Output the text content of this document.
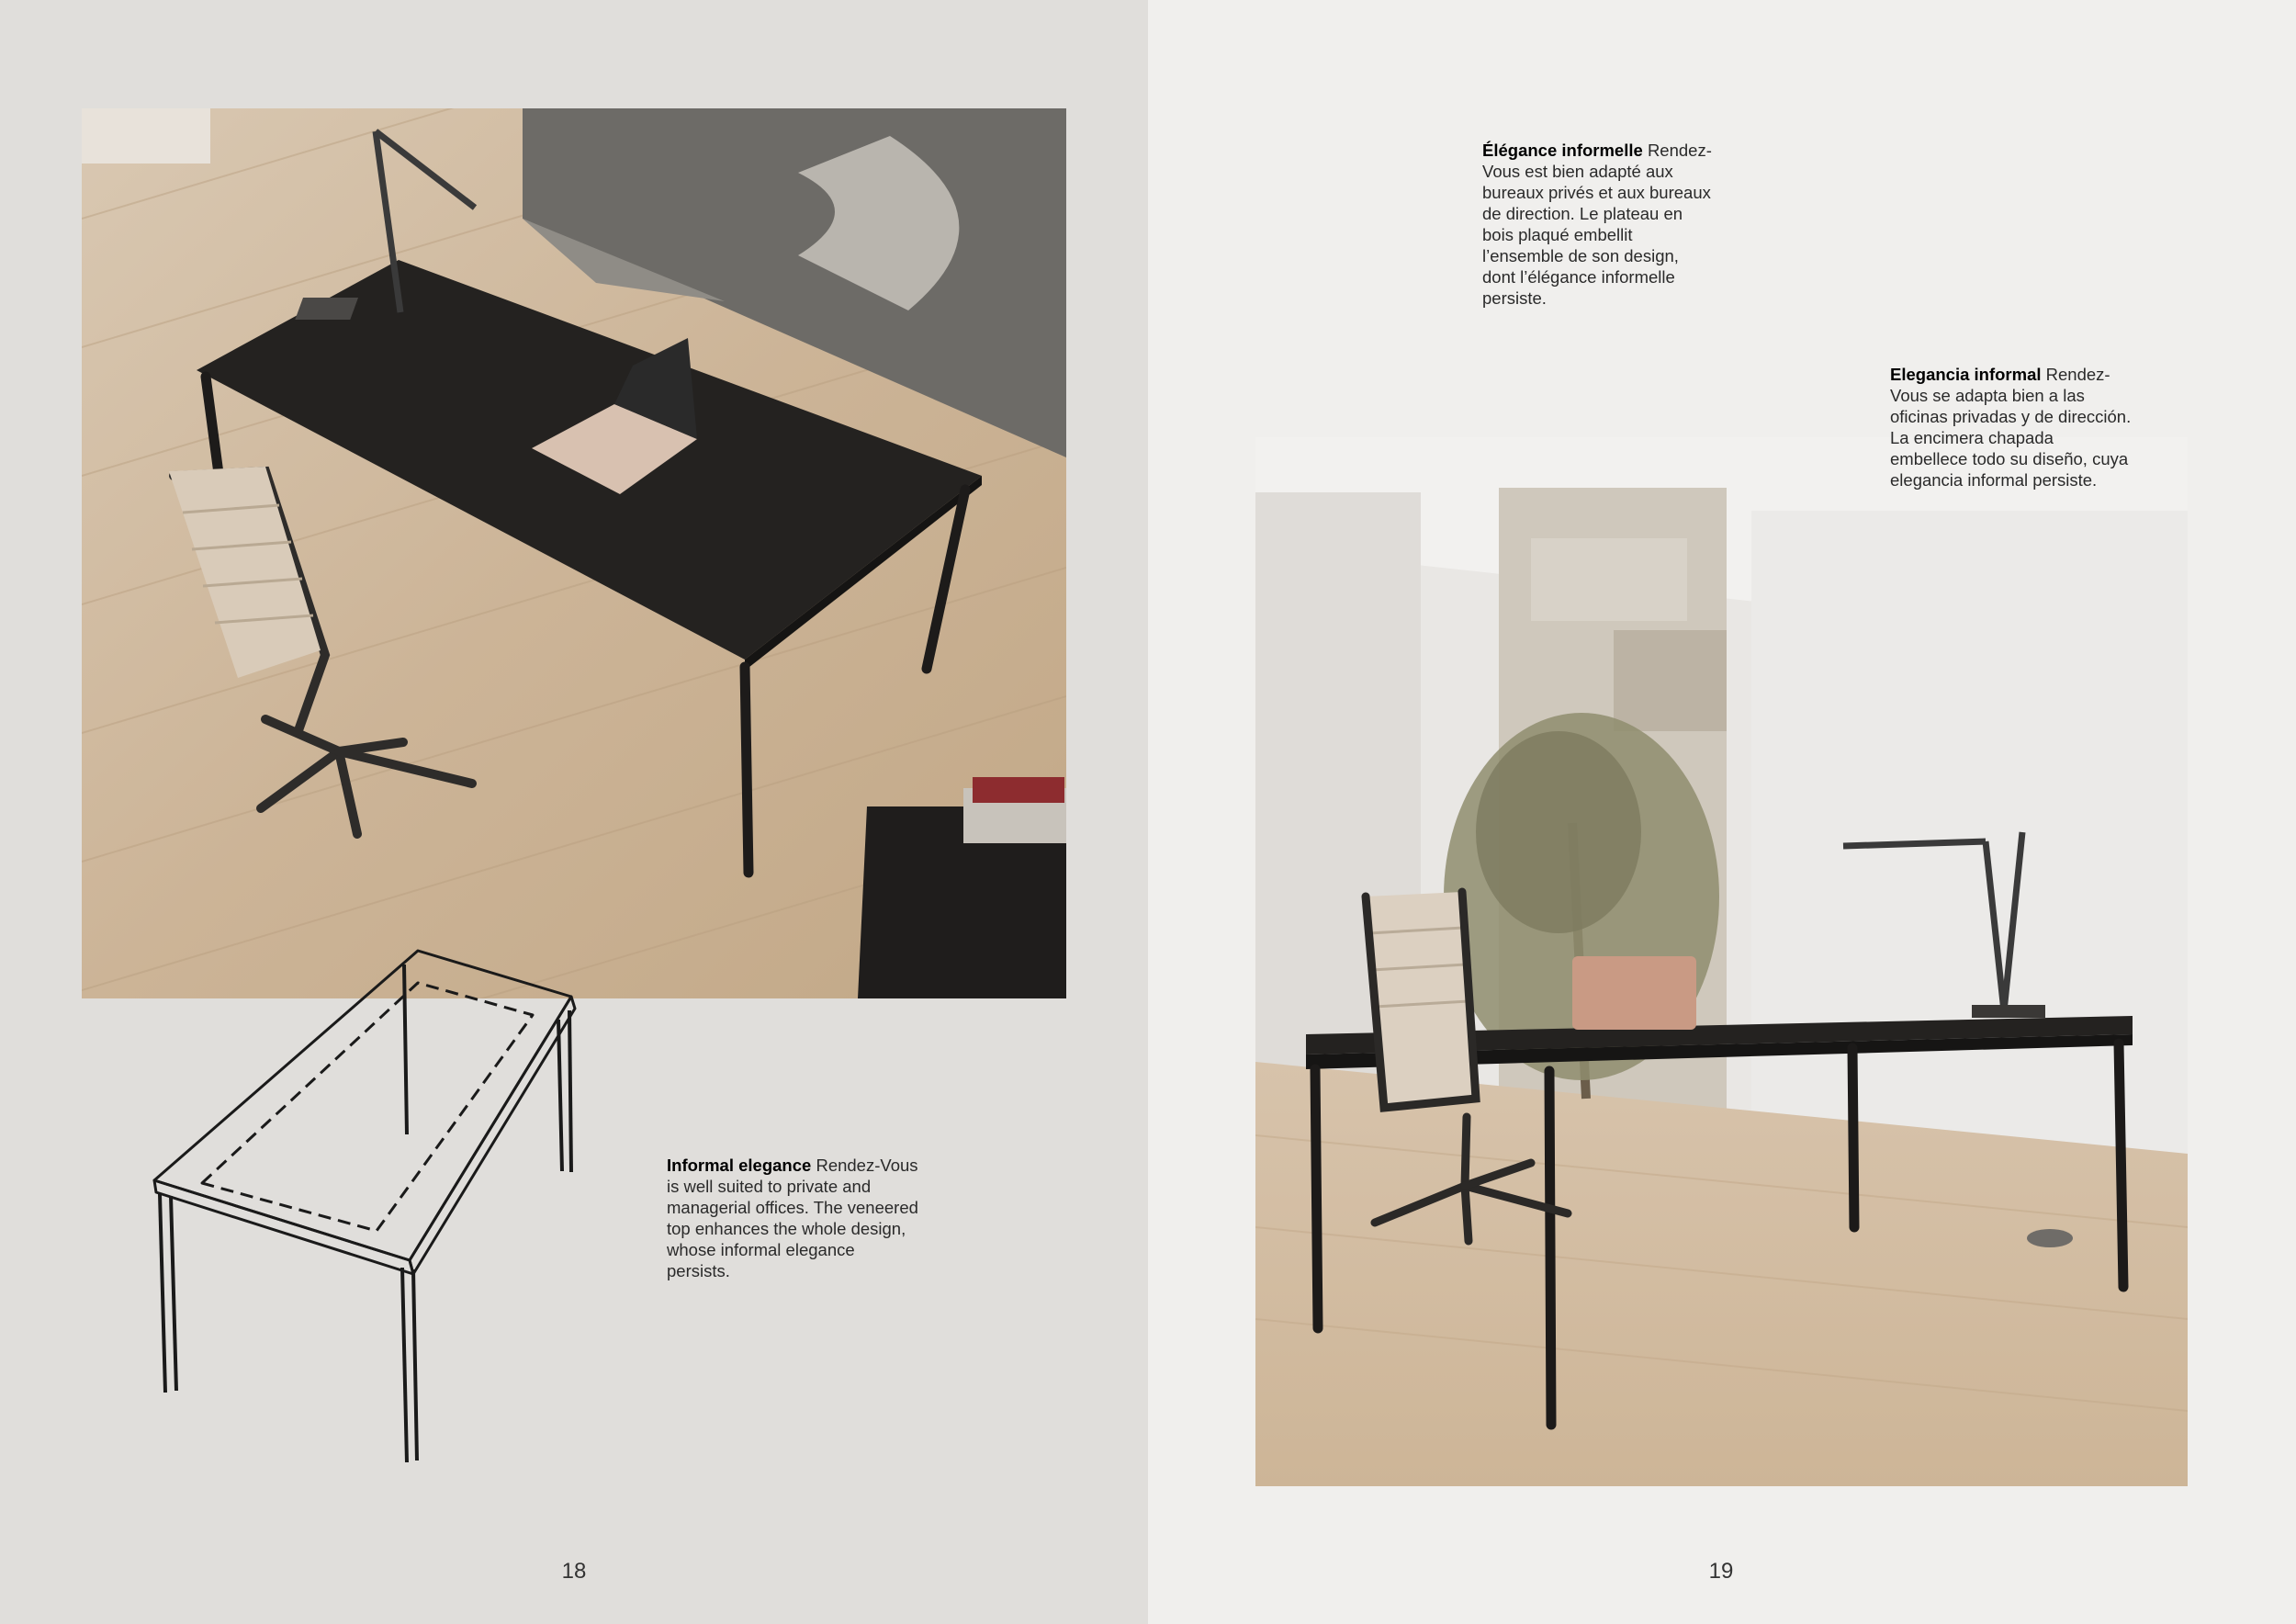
Informal elegance Rendez-Vous is well suited to private and managerial offices. The veneered top enhances the whole design, whose informal elegance persists.
18
Élégance informelle Rendez-Vous est bien adapté aux bureaux privés et aux bureaux de direction. Le plateau en bois plaqué embellit l’ensemble de son design, dont l’élégance informelle persiste.
Elegancia informal Rendez-Vous se adapta bien a las oficinas privadas y de dirección. La encimera chapada embellece todo su diseño, cuya elegancia informal persiste.
19
